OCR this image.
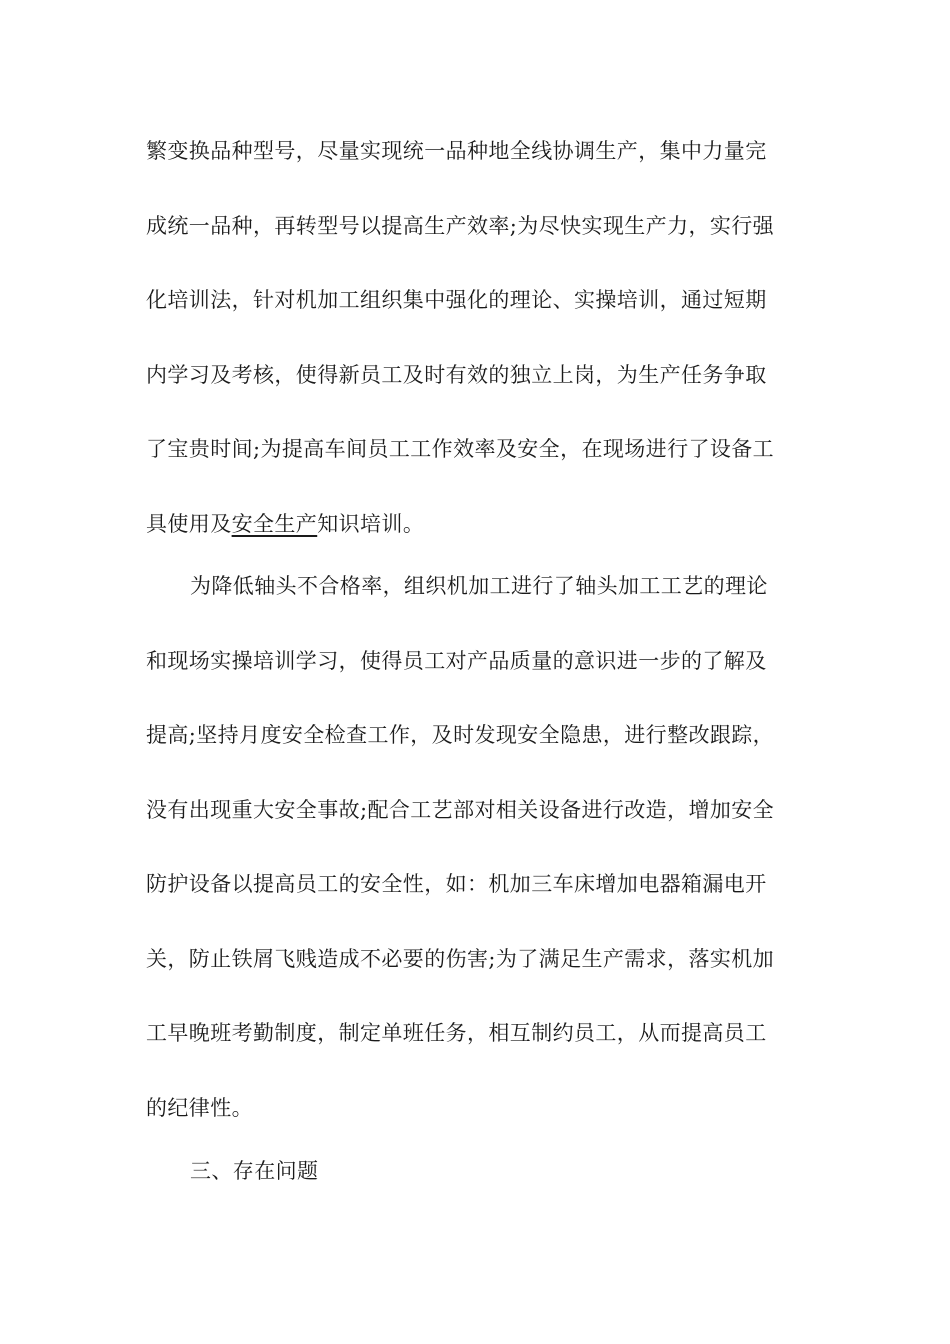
繁变换品种型号，尽量实现统一品种地全线协调生产，集中力量完
成统一品种，再转型号以提高生产效率;为尽快实现生产力，实行强
化培训法，针对机加工组织集中强化的理论、实操培训，通过短期
内学习及考核，使得新员工及时有效的独立上岗，为生产任务争取
了宝贵时间;为提高车间员工工作效率及安全，在现场进行了设备工
具使用及安全生产知识培训。
为降低轴头不合格率，组织机加工进行了轴头加工工艺的理论
和现场实操培训学习，使得员工对产品质量的意识进一步的了解及
提高;坚持月度安全检查工作，及时发现安全隐患，进行整改跟踪，
没有出现重大安全事故;配合工艺部对相关设备进行改造，增加安全
防护设备以提高员工的安全性，如：机加三车床增加电器箱漏电开
关，防止铁屑飞贱造成不必要的伤害;为了满足生产需求，落实机加
工早晚班考勤制度，制定单班任务，相互制约员工，从而提高员工
的纪律性。
三、存在问题
